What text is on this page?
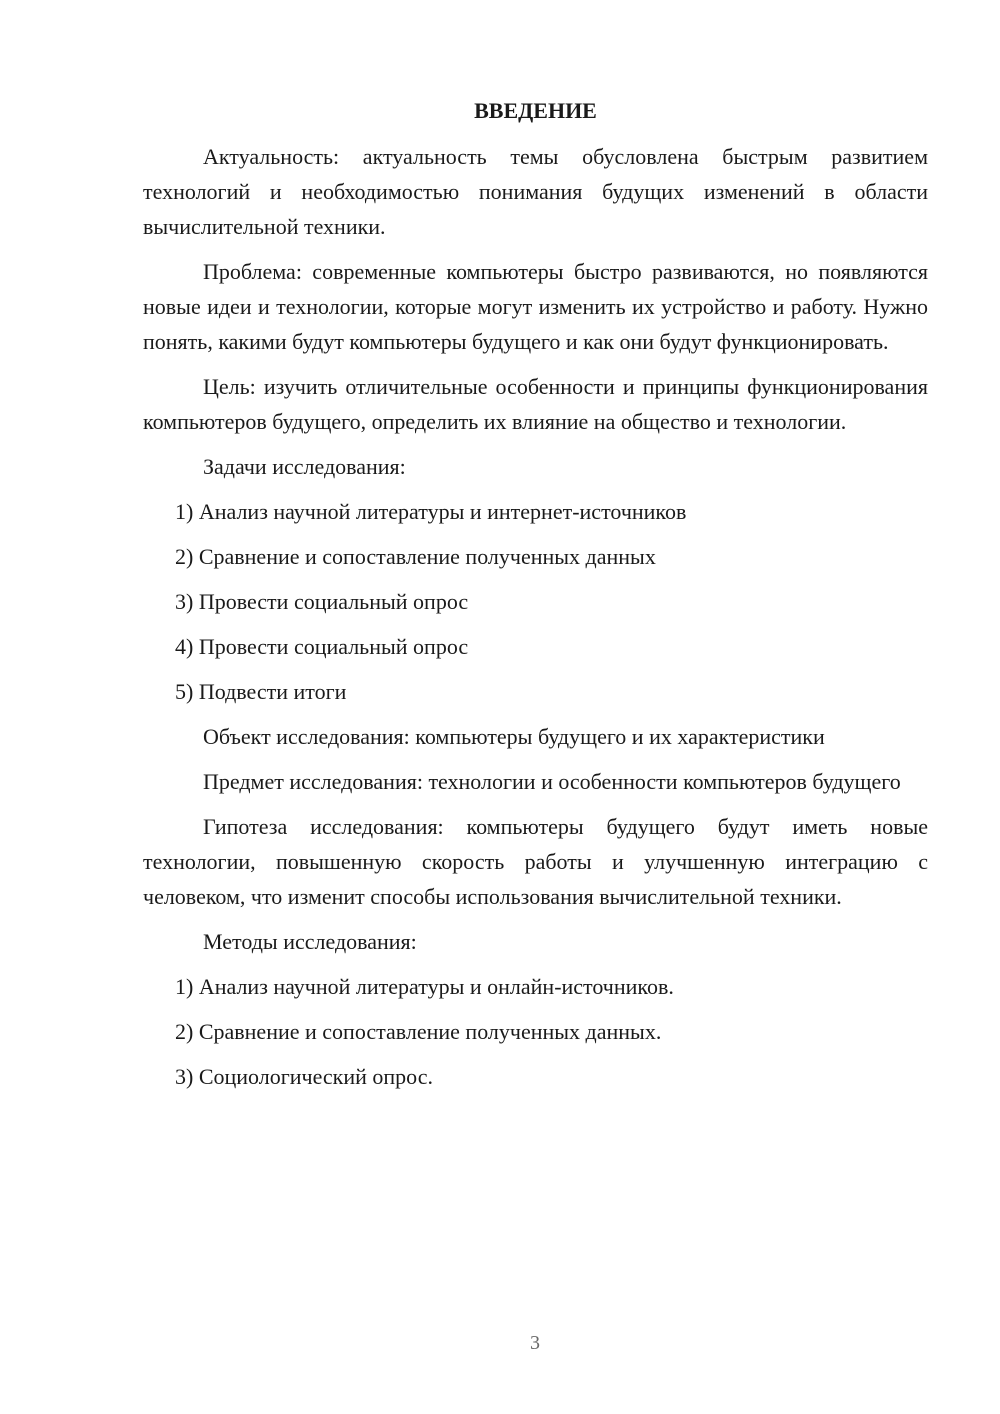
ВВЕДЕНИЕ

Актуальность: актуальность темы обусловлена быстрым развитием технологий и необходимостью понимания будущих изменений в области вычислительной техники.

Проблема: современные компьютеры быстро развиваются, но появляются новые идеи и технологии, которые могут изменить их устройство и работу. Нужно понять, какими будут компьютеры будущего и как они будут функционировать.

Цель: изучить отличительные особенности и принципы функционирования компьютеров будущего, определить их влияние на общество и технологии.

Задачи исследования:

1) Анализ научной литературы и интернет-источников
2) Сравнение и сопоставление полученных данных
3) Провести социальный опрос
4) Провести социальный опрос
5) Подвести итоги

Объект исследования: компьютеры будущего и их характеристики

Предмет исследования: технологии и особенности компьютеров будущего

Гипотеза исследования: компьютеры будущего будут иметь новые технологии, повышенную скорость работы и улучшенную интеграцию с человеком, что изменит способы использования вычислительной техники.

Методы исследования:

1) Анализ научной литературы и онлайн-источников.
2) Сравнение и сопоставление полученных данных.
3) Социологический опрос.
3
